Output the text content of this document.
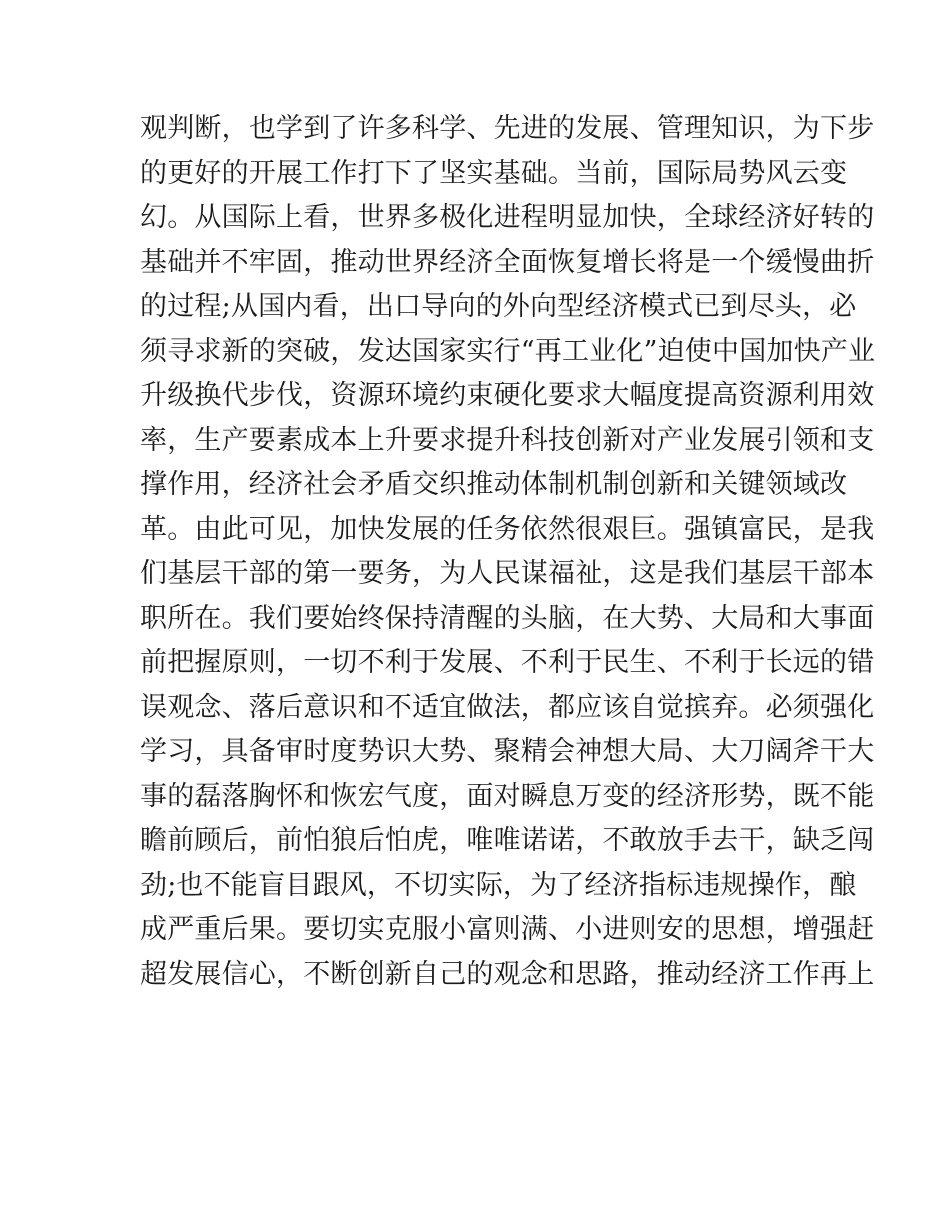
观判断，也学到了许多科学、先进的发展、管理知识，为下步
的更好的开展工作打下了坚实基础。当前，国际局势风云变
幻。从国际上看，世界多极化进程明显加快，全球经济好转的
基础并不牢固，推动世界经济全面恢复增长将是一个缓慢曲折
的过程;从国内看，出口导向的外向型经济模式已到尽头，必
须寻求新的突破，发达国家实行“再工业化”迫使中国加快产业
升级换代步伐，资源环境约束硬化要求大幅度提高资源利用效
率，生产要素成本上升要求提升科技创新对产业发展引领和支
撑作用，经济社会矛盾交织推动体制机制创新和关键领域改
革。由此可见，加快发展的任务依然很艰巨。强镇富民，是我
们基层干部的第一要务，为人民谋福祉，这是我们基层干部本
职所在。我们要始终保持清醒的头脑，在大势、大局和大事面
前把握原则，一切不利于发展、不利于民生、不利于长远的错
误观念、落后意识和不适宜做法，都应该自觉摈弃。必须强化
学习，具备审时度势识大势、聚精会神想大局、大刀阔斧干大
事的磊落胸怀和恢宏气度，面对瞬息万变的经济形势，既不能
瞻前顾后，前怕狼后怕虎，唯唯诺诺，不敢放手去干，缺乏闯
劲;也不能盲目跟风，不切实际，为了经济指标违规操作，酿
成严重后果。要切实克服小富则满、小进则安的思想，增强赶
超发展信心，不断创新自己的观念和思路，推动经济工作再上
